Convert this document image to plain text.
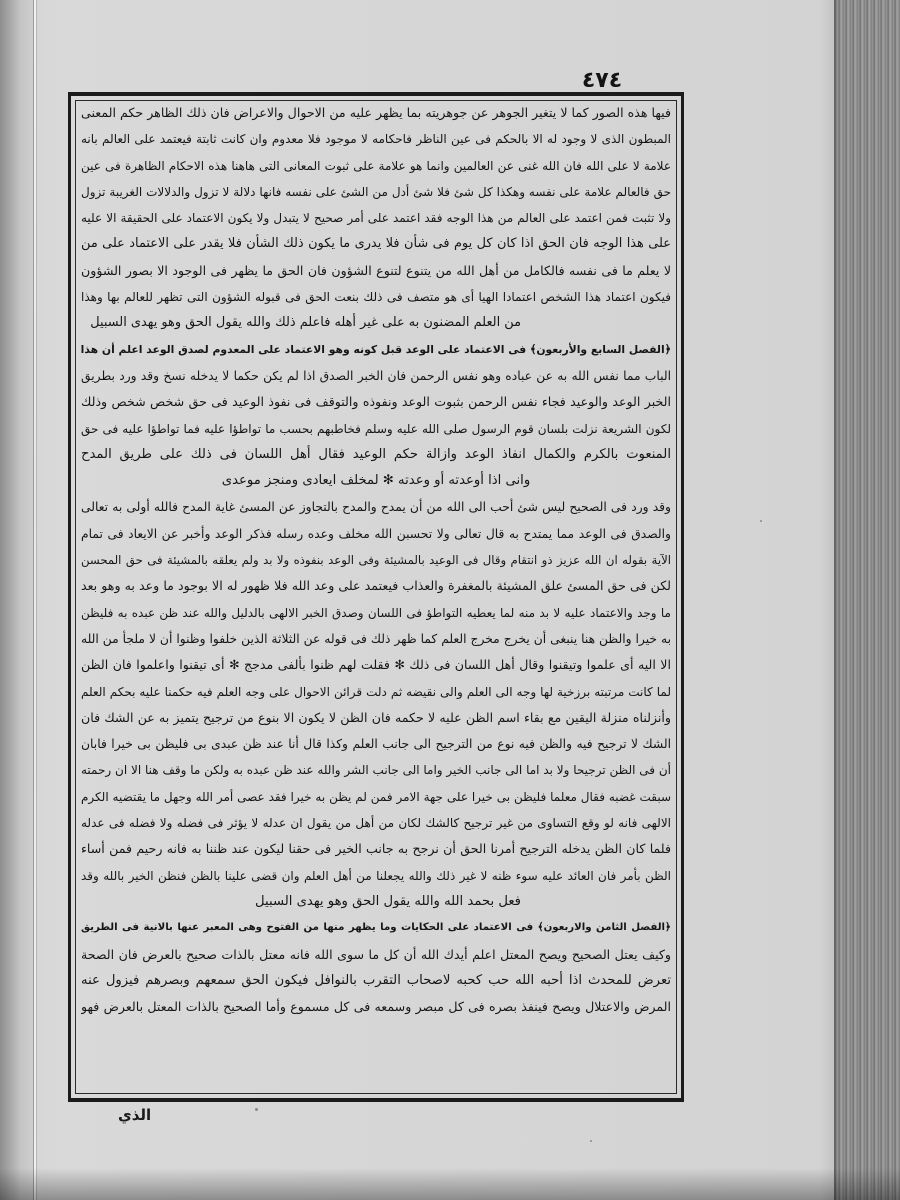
٤٧٤
فيها هذه الصور كما لا يتغير الجوهر عن جوهريته بما يظهر عليه من الاحوال والاعراض فان ذلك الظاهر حكم المعنى
المبطون الذى لا وجود له الا بالحكم فى عين الناظر فاحكامه لا موجود فلا معدوم وان كانت ثابتة فيعتمد على العالم بانه
علامة لا على الله فان الله غنى عن العالمين وانما هو علامة على ثبوت المعانى التى هاهنا هذه الاحكام الظاهرة فى عين
حق فالعالم علامة على نفسه وهكذا كل شئ فلا شئ أدل من الشئ على نفسه فانها دلالة لا تزول والدلالات الغريبة تزول
ولا تثبت فمن اعتمد على العالم من هذا الوجه فقد اعتمد على أمر صحيح لا يتبدل ولا يكون الاعتماد على الحقيقة الا عليه
على هذا الوجه فان الحق اذا كان كل يوم فى شأن فلا يدرى ما يكون ذلك الشأن فلا يقدر على الاعتماد على من
لا يعلم ما فى نفسه فالكامل من أهل الله من يتنوع لتنوع الشؤون فان الحق ما يظهر فى الوجود الا بصور الشؤون
فيكون اعتماد هذا الشخص اعتمادا الهيا أى هو متصف فى ذلك بنعت الحق فى قبوله الشؤون التى تظهر للعالم بها وهذا
من العلم المضنون به على غير أهله فاعلم ذلك والله يقول الحق وهو يهدى السبيل
﴿الفصل السابع والأربعون﴾ فى الاعتماد على الوعد قبل كونه وهو الاعتماد على المعدوم لصدق الوعد اعلم أن هذا
الباب مما نفس الله به عن عباده وهو نفس الرحمن فان الخبر الصدق اذا لم يكن حكما لا يدخله نسخ وقد ورد بطريق
الخبر الوعد والوعيد فجاء نفس الرحمن بثبوت الوعد ونفوذه والتوقف فى نفوذ الوعيد فى حق شخص شخص وذلك
لكون الشريعة نزلت بلسان قوم الرسول صلى الله عليه وسلم فخاطبهم بحسب ما تواطؤا عليه فما تواطؤا عليه فى حق
المنعوت بالكرم والكمال انفاذ الوعد وازالة حكم الوعيد فقال أهل اللسان فى ذلك على طريق المدح
وانى اذا أوعدته أو وعدته ✻ لمخلف ايعادى ومنجز موعدى
وقد ورد فى الصحيح ليس شئ أحب الى الله من أن يمدح والمدح بالتجاوز عن المسئ غاية المدح فالله أولى به تعالى
والصدق فى الوعد مما يمتدح به قال تعالى ولا تحسبن الله مخلف وعده رسله فذكر الوعد وأخبر عن الايعاد فى تمام
الآية بقوله ان الله عزيز ذو انتقام وقال فى الوعيد بالمشيئة وفى الوعد بنفوذه ولا بد ولم يعلقه بالمشيئة فى حق المحسن
لكن فى حق المسئ علق المشيئة بالمغفرة والعذاب فيعتمد على وعد الله فلا ظهور له الا بوجود ما وعد به وهو بعد
ما وجد والاعتماد عليه لا بد منه لما يعطيه التواطؤ فى اللسان وصدق الخبر الالهى بالدليل والله عند ظن عبده به فليظن
به خيرا والظن هنا ينبغى أن يخرج مخرج العلم كما ظهر ذلك فى قوله عن الثلاثة الذين خلفوا وظنوا أن لا ملجأ من الله
الا اليه أى علموا وتيقنوا وقال أهل اللسان فى ذلك ✻ فقلت لهم ظنوا بألفى مدجج ✻ أى تيقنوا واعلموا فان الظن
لما كانت مرتبته برزخية لها وجه الى العلم والى نقيضه ثم دلت قرائن الاحوال على وجه العلم فيه حكمنا عليه بحكم العلم
وأنزلناه منزلة اليقين مع بقاء اسم الظن عليه لا حكمه فان الظن لا يكون الا بنوع من ترجيح يتميز به عن الشك فان
الشك لا ترجيح فيه والظن فيه نوع من الترجيح الى جانب العلم وكذا قال أنا عند ظن عبدى بى فليظن بى خيرا فابان
أن فى الظن ترجيحا ولا بد اما الى جانب الخير واما الى جانب الشر والله عند ظن عبده به ولكن ما وقف هنا الا ان رحمته
سبقت غضبه فقال معلما فليظن بى خيرا على جهة الامر فمن لم يظن به خيرا فقد عصى أمر الله وجهل ما يقتضيه الكرم
الالهى فانه لو وقع التساوى من غير ترجيح كالشك لكان من أهل من يقول ان عدله لا يؤثر فى فضله ولا فضله فى عدله
فلما كان الظن يدخله الترجيح أمرنا الحق أن نرجح به جانب الخير فى حقنا ليكون عند ظننا به فانه رحيم فمن أساء
الظن بأمر فان العائد عليه سوء ظنه لا غير ذلك والله يجعلنا من أهل العلم وان قضى علينا بالظن فنظن الخير بالله وقد
فعل بحمد الله والله يقول الحق وهو يهدى السبيل
﴿الفصل الثامن والاربعون﴾ فى الاعتماد على الحكايات وما يظهر منها من الفتوح وهى المعبر عنها بالانية فى الطريق
وكيف يعتل الصحيح ويصح المعتل اعلم أيدك الله أن كل ما سوى الله فانه معتل بالذات صحيح بالعرض فان الصحة
تعرض للمحدث اذا أحبه الله حب كحبه لاصحاب التقرب بالنوافل فيكون الحق سمعهم وبصرهم فيزول عنه
المرض والاعتلال ويصح فينفذ بصره فى كل مبصر وسمعه فى كل مسموع وأما الصحيح بالذات المعتل بالعرض فهو
الذي
